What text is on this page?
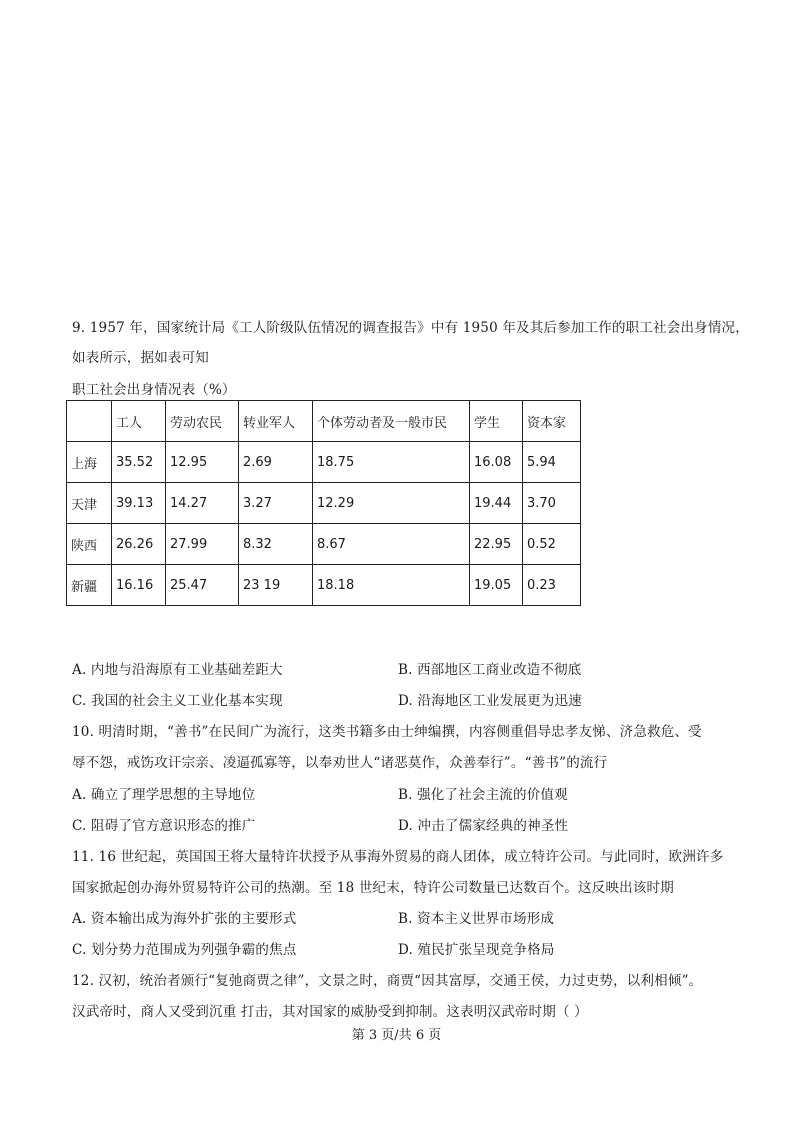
9. 1957 年，国家统计局《工人阶级队伍情况的调查报告》中有 1950 年及其后参加工作的职工社会出身情况，
如表所示，据如表可知
职工社会出身情况表（%）
	工人	劳动农民	转业军人	个体劳动者及一般市民	学生	资本家
上海	35.52	12.95	2.69	18.75	16.08	5.94
天津	39.13	14.27	3.27	12.29	19.44	3.70
陕西	26.26	27.99	8.32	8.67	22.95	0.52
新疆	16.16	25.47	23 19	18.18	19.05	0.23
A. 内地与沿海原有工业基础差距大	B. 西部地区工商业改造不彻底
C. 我国的社会主义工业化基本实现	D. 沿海地区工业发展更为迅速
10. 明清时期，“善书”在民间广为流行，这类书籍多由士绅编撰，内容侧重倡导忠孝友悌、济急救危、受
辱不怨，戒饬攻讦宗亲、凌逼孤寡等，以奉劝世人“诸恶莫作，众善奉行”。“善书”的流行
A. 确立了理学思想的主导地位	B. 强化了社会主流的价值观
C. 阻碍了官方意识形态的推广	D. 冲击了儒家经典的神圣性
11. 16 世纪起，英国国王将大量特许状授予从事海外贸易的商人团体，成立特许公司。与此同时，欧洲许多
国家掀起创办海外贸易特许公司的热潮。至 18 世纪末，特许公司数量已达数百个。这反映出该时期
A. 资本输出成为海外扩张的主要形式	B. 资本主义世界市场形成
C. 划分势力范围成为列强争霸的焦点	D. 殖民扩张呈现竞争格局
12. 汉初，统治者颁行“复弛商贾之律”，文景之时，商贾“因其富厚，交通王侯，力过吏势，以利相倾”。
汉武帝时，商人又受到沉重 打击，其对国家的威胁受到抑制。这表明汉武帝时期（ ）
第 3 页/共 6 页
